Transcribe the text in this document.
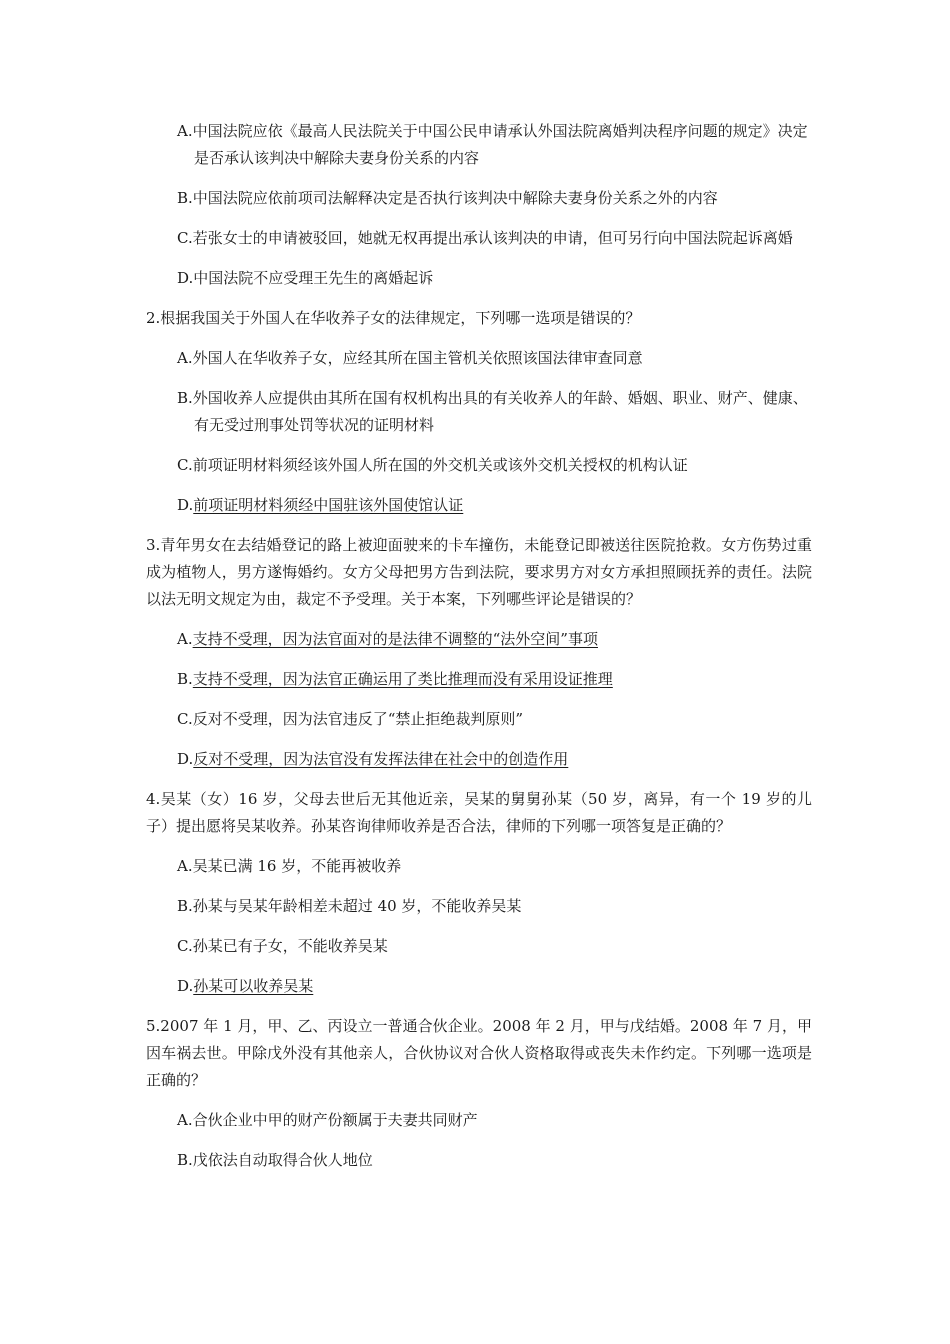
A.中国法院应依《最高人民法院关于中国公民申请承认外国法院离婚判决程序问题的规定》决定是否承认该判决中解除夫妻身份关系的内容

B.中国法院应依前项司法解释决定是否执行该判决中解除夫妻身份关系之外的内容

C.若张女士的申请被驳回，她就无权再提出承认该判决的申请，但可另行向中国法院起诉离婚

D.中国法院不应受理王先生的离婚起诉

2.根据我国关于外国人在华收养子女的法律规定，下列哪一选项是错误的？

A.外国人在华收养子女，应经其所在国主管机关依照该国法律审查同意

B.外国收养人应提供由其所在国有权机构出具的有关收养人的年龄、婚姻、职业、财产、健康、有无受过刑事处罚等状况的证明材料

C.前项证明材料须经该外国人所在国的外交机关或该外交机关授权的机构认证

D.前项证明材料须经中国驻该外国使馆认证

3.青年男女在去结婚登记的路上被迎面驶来的卡车撞伤，未能登记即被送往医院抢救。女方伤势过重成为植物人，男方遂悔婚约。女方父母把男方告到法院，要求男方对女方承担照顾抚养的责任。法院以法无明文规定为由，裁定不予受理。关于本案，下列哪些评论是错误的？

A.支持不受理，因为法官面对的是法律不调整的“法外空间”事项

B.支持不受理，因为法官正确运用了类比推理而没有采用设证推理

C.反对不受理，因为法官违反了“禁止拒绝裁判原则”

D.反对不受理，因为法官没有发挥法律在社会中的创造作用

4.吴某（女）16 岁，父母去世后无其他近亲，吴某的舅舅孙某（50 岁，离异，有一个 19 岁的儿子）提出愿将吴某收养。孙某咨询律师收养是否合法，律师的下列哪一项答复是正确的？

A.吴某已满 16 岁，不能再被收养

B.孙某与吴某年龄相差未超过 40 岁，不能收养吴某

C.孙某已有子女，不能收养吴某

D.孙某可以收养吴某

5.2007 年 1 月，甲、乙、丙设立一普通合伙企业。2008 年 2 月，甲与戊结婚。2008 年 7 月，甲因车祸去世。甲除戊外没有其他亲人，合伙协议对合伙人资格取得或丧失未作约定。下列哪一选项是正确的？

A.合伙企业中甲的财产份额属于夫妻共同财产

B.戊依法自动取得合伙人地位
